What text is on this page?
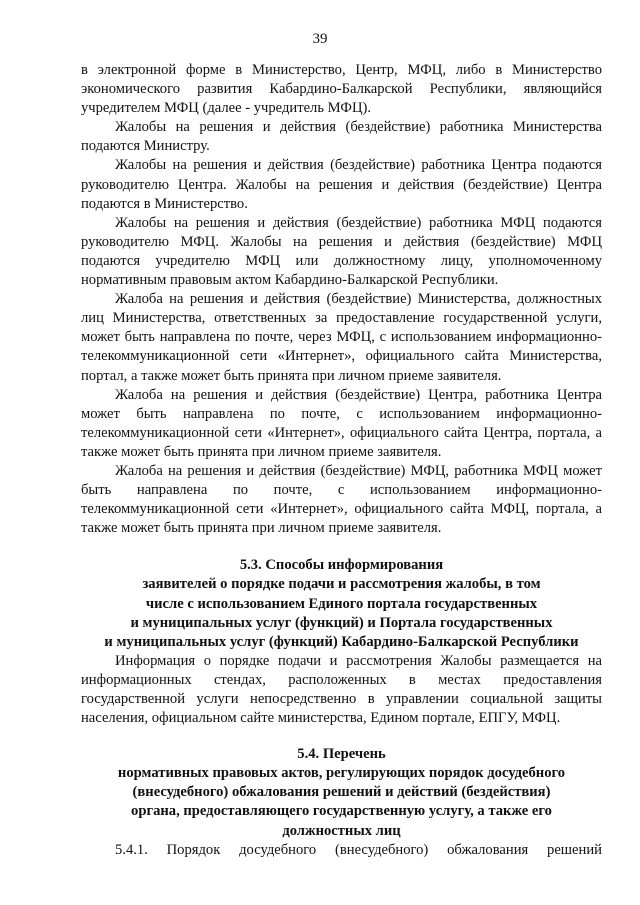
39

в электронной форме в Министерство, Центр, МФЦ, либо в Министерство экономического развития Кабардино-Балкарской Республики, являющийся учредителем МФЦ (далее - учредитель МФЦ).

Жалобы на решения и действия (бездействие) работника Министерства подаются Министру.

Жалобы на решения и действия (бездействие) работника Центра подаются руководителю Центра. Жалобы на решения и действия (бездействие) Центра подаются в Министерство.

Жалобы на решения и действия (бездействие) работника МФЦ подаются руководителю МФЦ. Жалобы на решения и действия (бездействие) МФЦ подаются учредителю МФЦ или должностному лицу, уполномоченному нормативным правовым актом Кабардино-Балкарской Республики.

Жалоба на решения и действия (бездействие) Министерства, должностных лиц Министерства, ответственных за предоставление государственной услуги, может быть направлена по почте, через МФЦ, с использованием информационно-телекоммуникационной сети «Интернет», официального сайта Министерства, портал, а также может быть принята при личном приеме заявителя.

Жалоба на решения и действия (бездействие) Центра, работника Центра может быть направлена по почте, с использованием информационно-телекоммуникационной сети «Интернет», официального сайта Центра, портала, а также может быть принята при личном приеме заявителя.

Жалоба на решения и действия (бездействие) МФЦ, работника МФЦ может быть направлена по почте, с использованием информационно-телекоммуникационной сети «Интернет», официального сайта МФЦ, портала, а также может быть принята при личном приеме заявителя.

5.3. Способы информирования
заявителей о порядке подачи и рассмотрения жалобы, в том
числе с использованием Единого портала государственных
и муниципальных услуг (функций) и Портала государственных
и муниципальных услуг (функций) Кабардино-Балкарской Республики

Информация о порядке подачи и рассмотрения Жалобы размещается на информационных стендах, расположенных в местах предоставления государственной услуги непосредственно в управлении социальной защиты населения, официальном сайте министерства, Едином портале, ЕПГУ, МФЦ.

5.4. Перечень
нормативных правовых актов, регулирующих порядок досудебного
(внесудебного) обжалования решений и действий (бездействия)
органа, предоставляющего государственную услугу, а также его
должностных лиц
5.4.1. Порядок досудебного (внесудебного) обжалования решений
